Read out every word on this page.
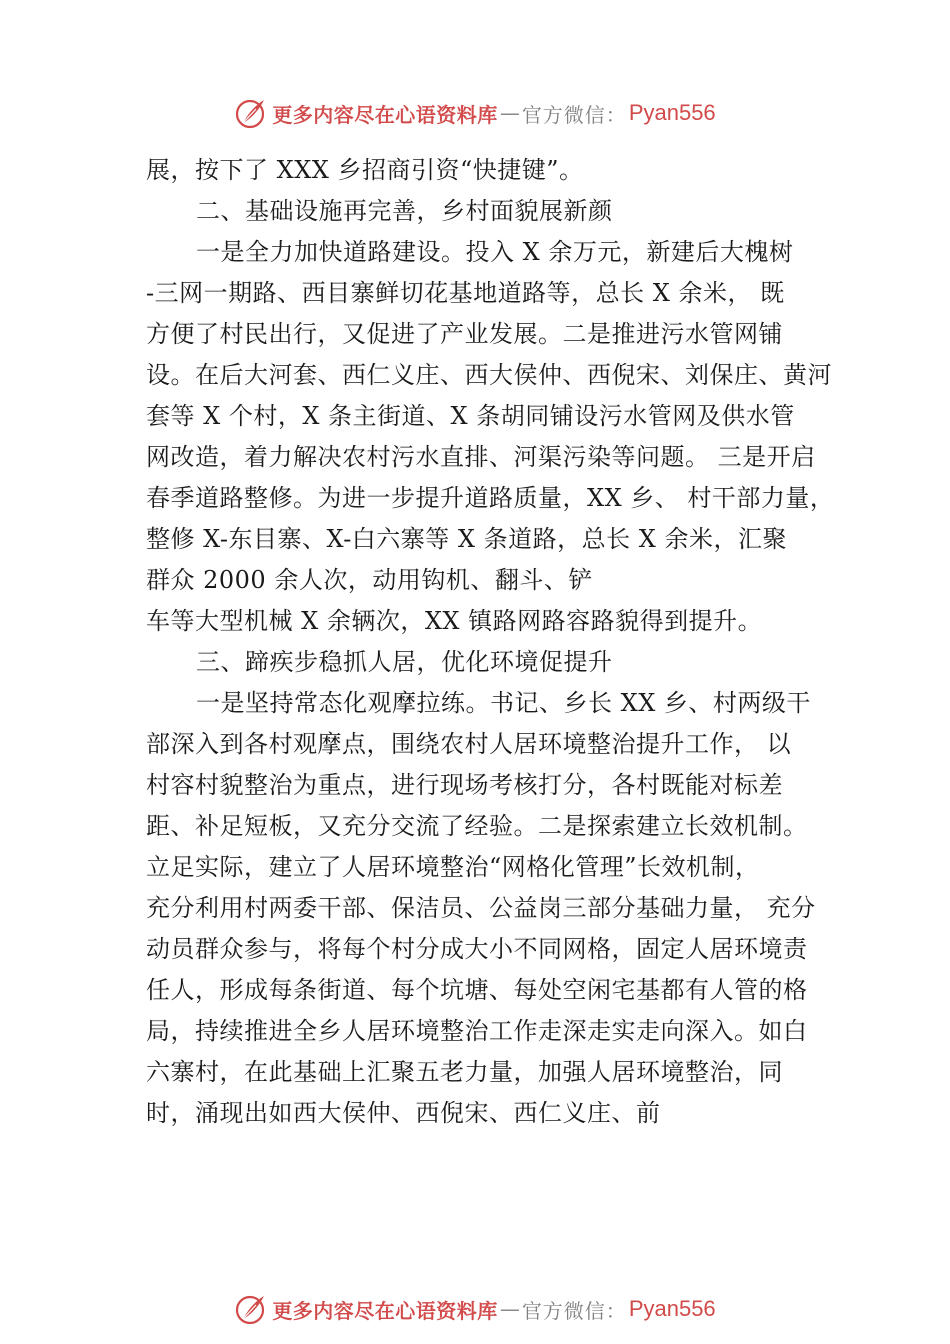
更多内容尽在心语资料库 — 官方微信： Pyan556

展，按下了 XXX 乡招商引资“快捷键”。

二、基础设施再完善，乡村面貌展新颜

一是全力加快道路建设。投入 X 余万元，新建后大槐树

-三网一期路、西目寨鲜切花基地道路等，总长 X 余米， 既

方便了村民出行，又促进了产业发展。二是推进污水管网铺

设。在后大河套、西仁义庄、西大侯仲、西倪宋、刘保庄、黄河

套等 X 个村，X 条主街道、X 条胡同铺设污水管网及供水管

网改造，着力解决农村污水直排、河渠污染等问题。 三是开启

春季道路整修。为进一步提升道路质量，XX 乡、 村干部力量，

整修 X-东目寨、X-白六寨等 X 条道路，总长 X 余米，汇聚

群众 2000 余人次，动用钩机、翻斗、铲

车等大型机械 X 余辆次，XX 镇路网路容路貌得到提升。

三、蹄疾步稳抓人居，优化环境促提升

一是坚持常态化观摩拉练。书记、乡长 XX 乡、村两级干

部深入到各村观摩点，围绕农村人居环境整治提升工作， 以

村容村貌整治为重点，进行现场考核打分，各村既能对标差

距、补足短板，又充分交流了经验。二是探索建立长效机制。

立足实际，建立了人居环境整治“网格化管理”长效机制，

充分利用村两委干部、保洁员、公益岗三部分基础力量， 充分

动员群众参与，将每个村分成大小不同网格，固定人居环境责

任人，形成每条街道、每个坑塘、每处空闲宅基都有人管的格

局，持续推进全乡人居环境整治工作走深走实走向深入。如白

六寨村，在此基础上汇聚五老力量，加强人居环境整治，同

时，涌现出如西大侯仲、西倪宋、西仁义庄、前

更多内容尽在心语资料库 — 官方微信： Pyan556
